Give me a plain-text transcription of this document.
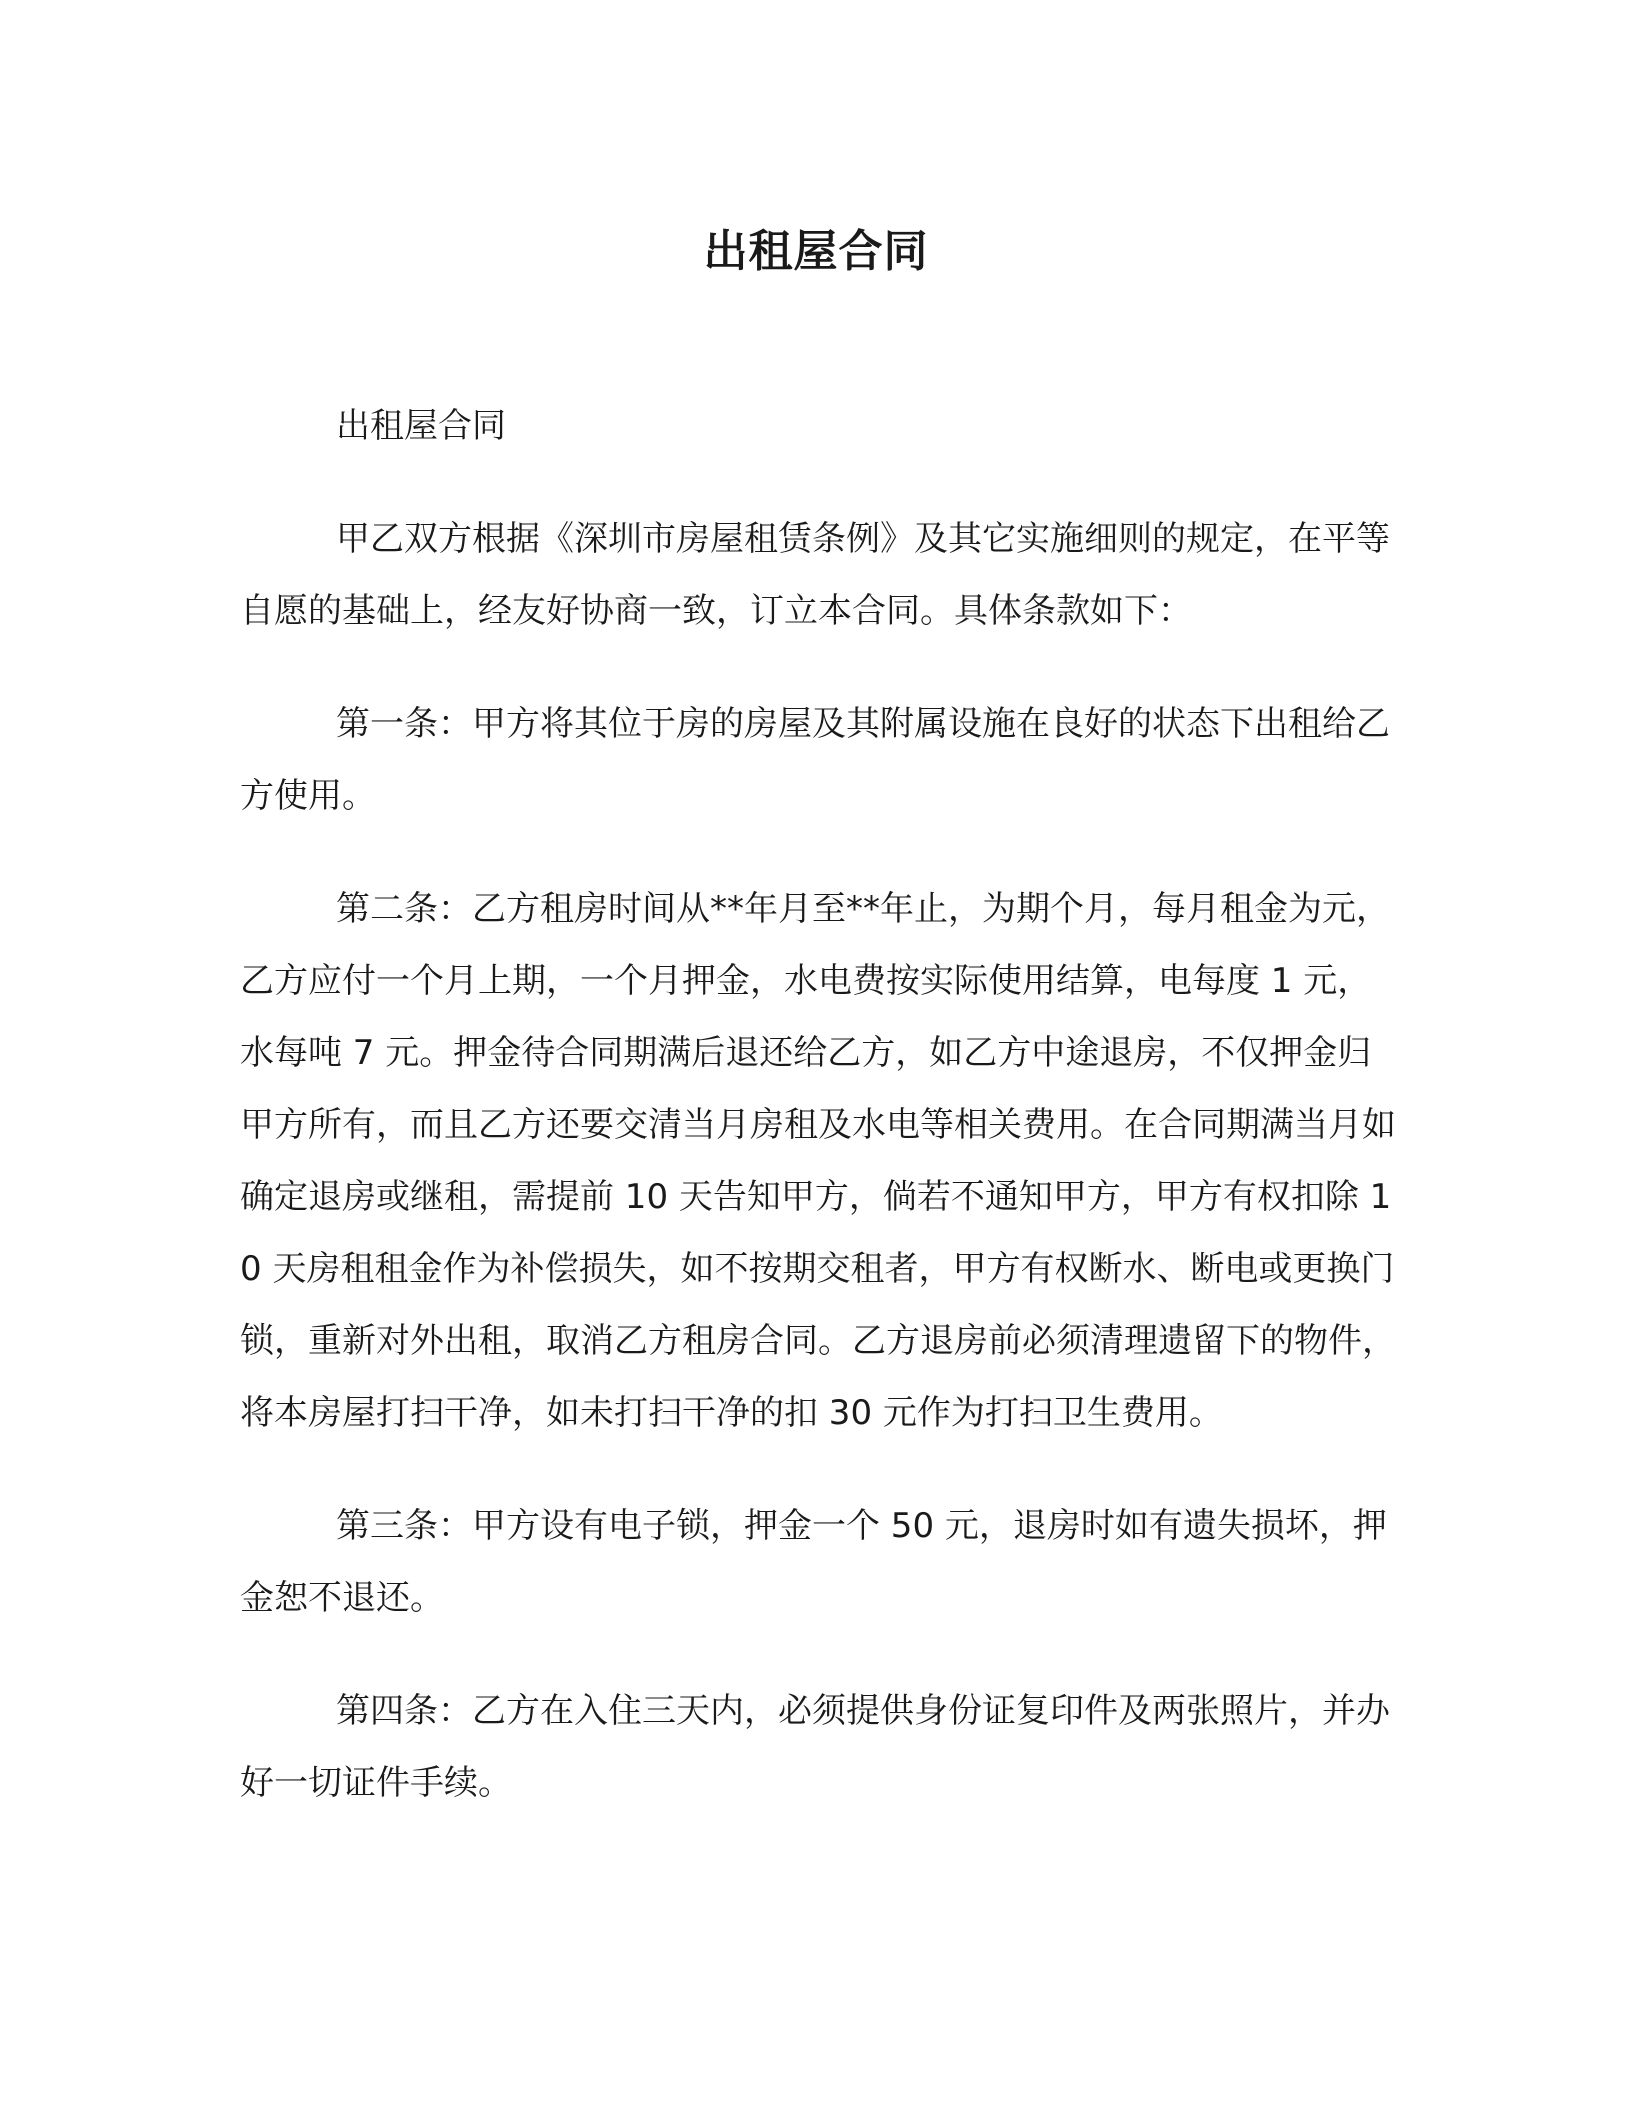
出租屋合同

出租屋合同

甲乙双方根据《深圳市房屋租赁条例》及其它实施细则的规定，在平等自愿的基础上，经友好协商一致，订立本合同。具体条款如下：

第一条：甲方将其位于房的房屋及其附属设施在良好的状态下出租给乙方使用。

第二条：乙方租房时间从**年月至**年止，为期个月，每月租金为元，乙方应付一个月上期，一个月押金，水电费按实际使用结算，电每度 1 元，水每吨 7 元。押金待合同期满后退还给乙方，如乙方中途退房，不仅押金归甲方所有，而且乙方还要交清当月房租及水电等相关费用。在合同期满当月如确定退房或继租，需提前 10 天告知甲方，倘若不通知甲方，甲方有权扣除 10 天房租租金作为补偿损失，如不按期交租者，甲方有权断水、断电或更换门锁，重新对外出租，取消乙方租房合同。乙方退房前必须清理遗留下的物件，将本房屋打扫干净，如未打扫干净的扣 30 元作为打扫卫生费用。

第三条：甲方设有电子锁，押金一个 50 元，退房时如有遗失损坏，押金恕不退还。

第四条：乙方在入住三天内，必须提供身份证复印件及两张照片，并办好一切证件手续。
